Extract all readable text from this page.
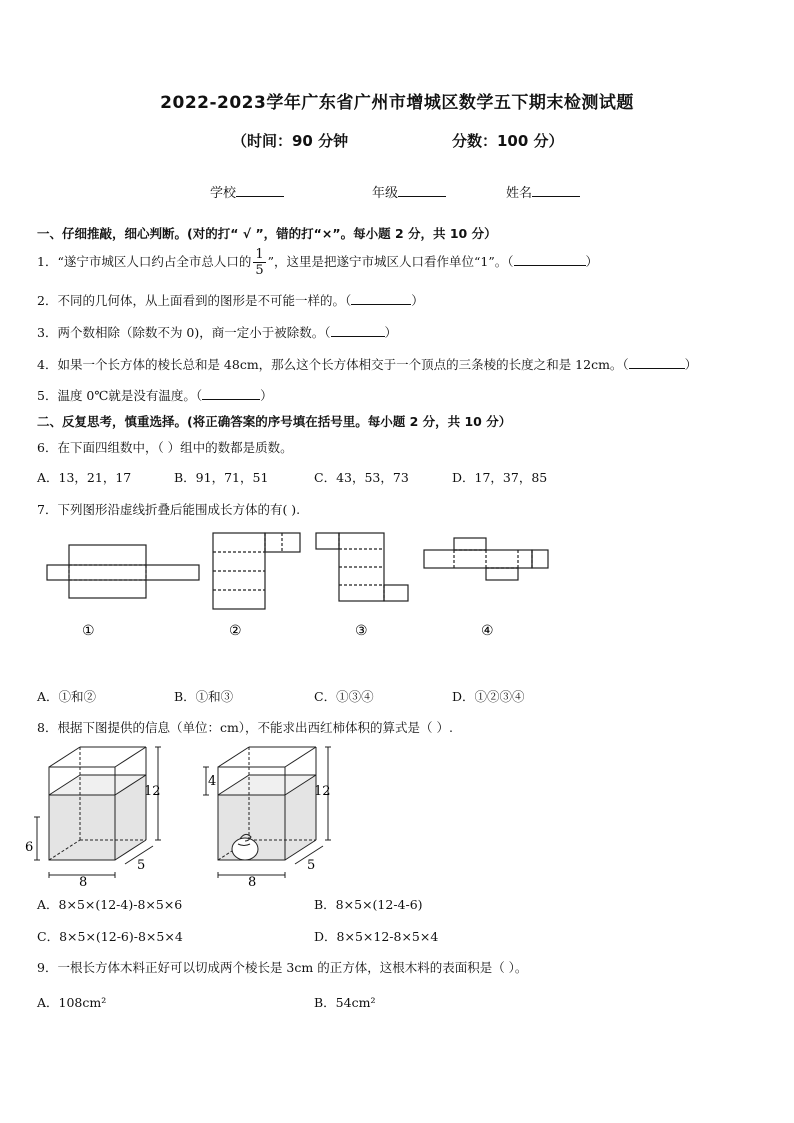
2022-2023学年广东省广州市增城区数学五下期末检测试题
（时间：90 分钟	分数：100 分）
学校	年级	姓名
一、仔细推敲，细心判断。(对的打“ √ ”，错的打“×”。每小题 2 分，共 10 分）
1．“遂宁市城区人口约占全市总人口的 $\frac{1}{5}$ ”，这里是把遂宁市城区人口看作单位“1”。（	）
2．不同的几何体，从上面看到的图形是不可能一样的。（	）
3．两个数相除（除数不为 0)，商一定小于被除数。（	）
4．如果一个长方体的棱长总和是 48cm，那么这个长方体相交于一个顶点的三条棱的长度之和是 12cm。（	）
5．温度 0℃就是没有温度。（	）
二、反复思考，慎重选择。(将正确答案的序号填在括号里。每小题 2 分，共 10 分）
6．在下面四组数中，（ ）组中的数都是质数。
A．13，21，17	B．91，71，51	C．43，53，73	D．17，37，85
7．下列图形沿虚线折叠后能围成长方体的有( ).
①	②	③	④
A．①和②	B．①和③	C．①③④	D．①②③④
8．根据下图提供的信息（单位：cm），不能求出西红柿体积的算式是（ ）.
12
6
8
5
12
4
8
5
A．8×5×(12-4)-8×5×6	B．8×5×(12-4-6)
C．8×5×(12-6)-8×5×4	D．8×5×12-8×5×4
9．一根长方体木料正好可以切成两个棱长是 3cm 的正方体，这根木料的表面积是（ ）。
A．108cm²	B．54cm²
